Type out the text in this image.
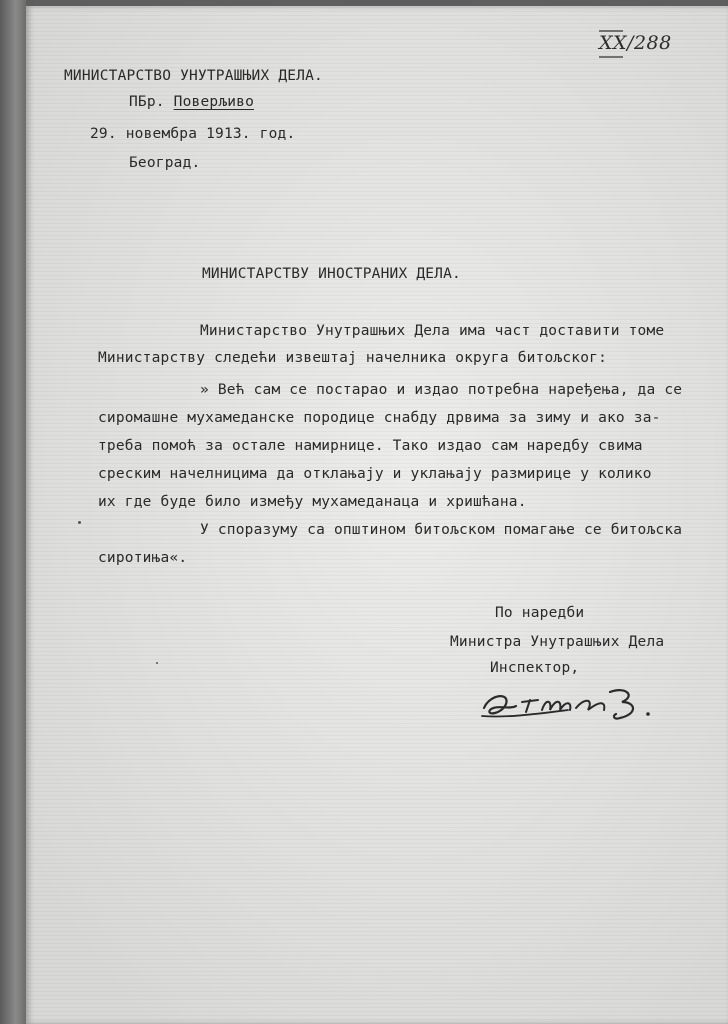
XX/288
МИНИСТАРСТВО УНУТРАШЊИХ ДЕЛА.
ПБр. Поверљиво
29. новембра 1913. год.
Београд.
МИНИСТАРСТВУ ИНОСТРАНИХ ДЕЛА.
Министарство Унутрашњих Дела има част доставити томе
Министарству следећи извештај начелника округа битољског:
» Већ сам се постарао и издао потребна наређења, да се
сиромашне мухамеданске породице снабду дрвима за зиму и ако за-
треба помоћ за остале намирнице. Тако издао сам наредбу свима
среским начелницима да отклањају и уклањају размирице у колико
их где буде било између мухамеданаца и хришћана.
У споразуму са општином битољском помагање се битољска
сиротиња«.
По наредби
Министра Унутрашњих Дела
Инспектор,
